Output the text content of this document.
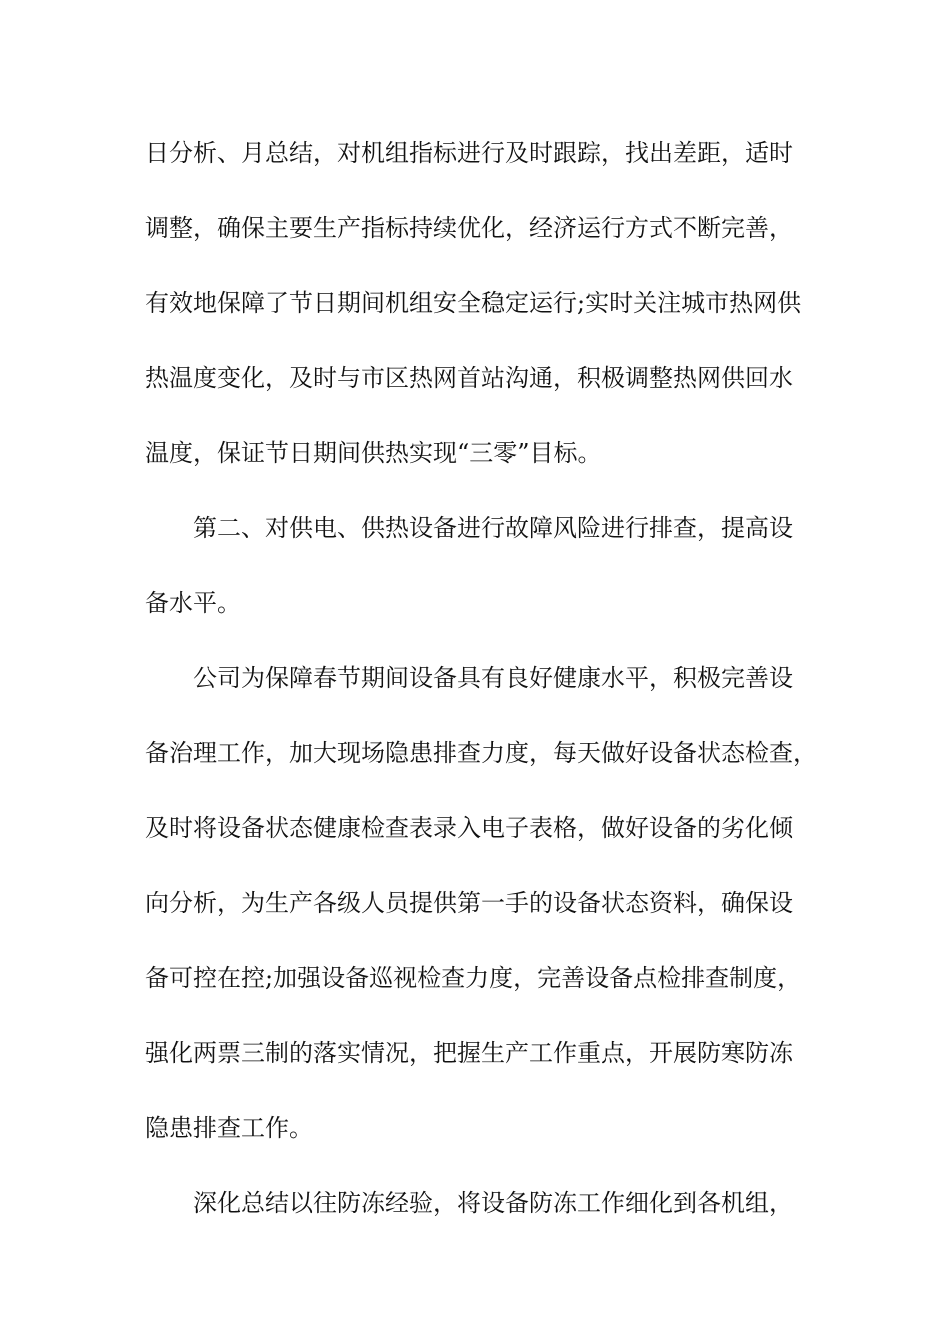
日分析、月总结，对机组指标进行及时跟踪，找出差距，适时
调整，确保主要生产指标持续优化，经济运行方式不断完善，
有效地保障了节日期间机组安全稳定运行;实时关注城市热网供
热温度变化，及时与市区热网首站沟通，积极调整热网供回水
温度，保证节日期间供热实现“三零”目标。
第二、对供电、供热设备进行故障风险进行排查，提高设
备水平。
公司为保障春节期间设备具有良好健康水平，积极完善设
备治理工作，加大现场隐患排查力度，每天做好设备状态检查，
及时将设备状态健康检查表录入电子表格，做好设备的劣化倾
向分析，为生产各级人员提供第一手的设备状态资料，确保设
备可控在控;加强设备巡视检查力度，完善设备点检排查制度，
强化两票三制的落实情况，把握生产工作重点，开展防寒防冻
隐患排查工作。
深化总结以往防冻经验，将设备防冻工作细化到各机组，
